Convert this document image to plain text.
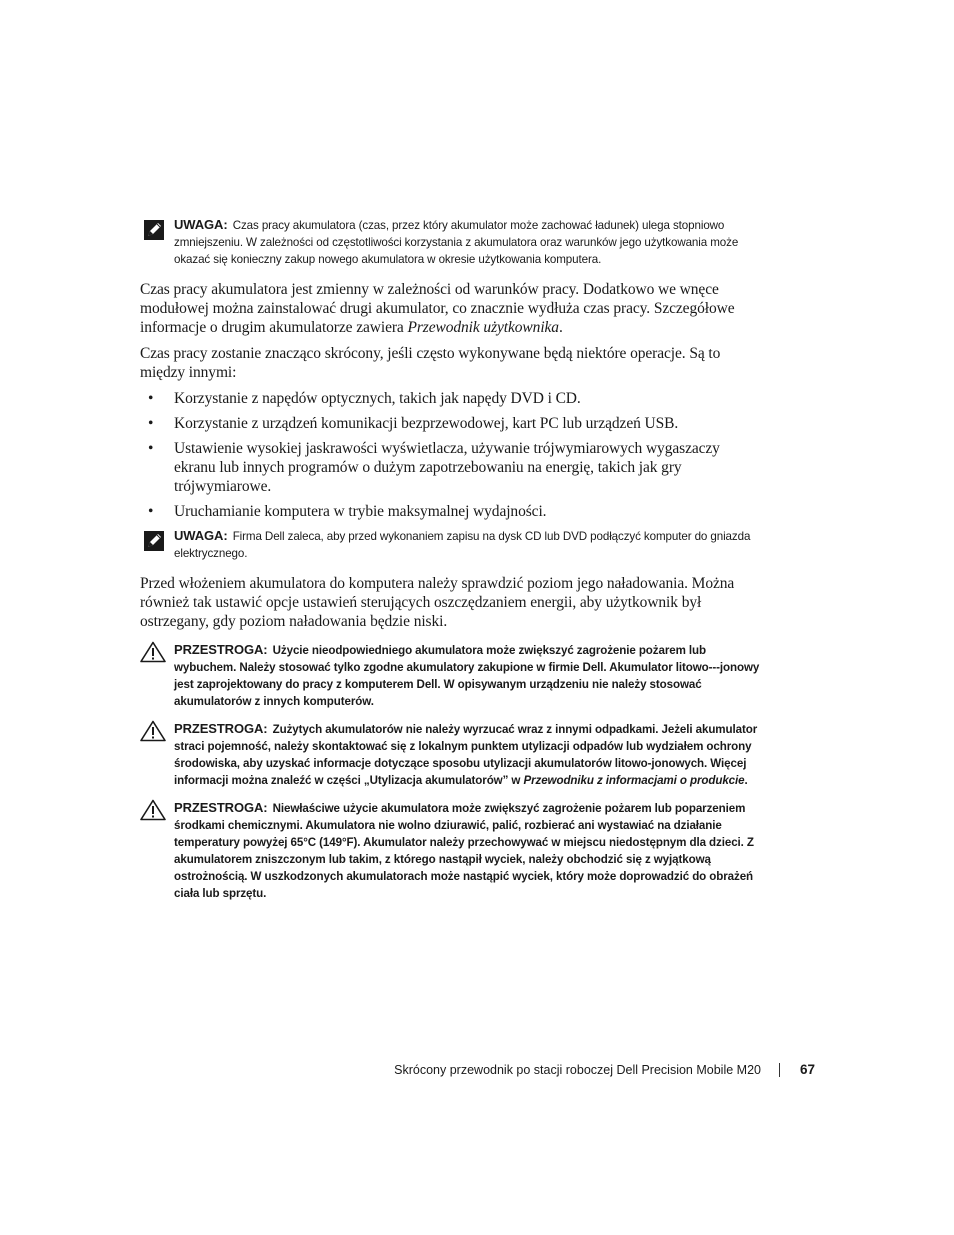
UWAGA: Czas pracy akumulatora (czas, przez który akumulator może zachować ładunek) ulega stopniowo zmniejszeniu. W zależności od częstotliwości korzystania z akumulatora oraz warunków jego użytkowania może okazać się konieczny zakup nowego akumulatora w okresie użytkowania komputera.

Czas pracy akumulatora jest zmienny w zależności od warunków pracy. Dodatkowo we wnęce modułowej można zainstalować drugi akumulator, co znacznie wydłuża czas pracy. Szczegółowe informacje o drugim akumulatorze zawiera Przewodnik użytkownika.

Czas pracy zostanie znacząco skrócony, jeśli często wykonywane będą niektóre operacje. Są to między innymi:

• Korzystanie z napędów optycznych, takich jak napędy DVD i CD.
• Korzystanie z urządzeń komunikacji bezprzewodowej, kart PC lub urządzeń USB.
• Ustawienie wysokiej jaskrawości wyświetlacza, używanie trójwymiarowych wygaszaczy ekranu lub innych programów o dużym zapotrzebowaniu na energię, takich jak gry trójwymiarowe.
• Uruchamianie komputera w trybie maksymalnej wydajności.
UWAGA: Firma Dell zaleca, aby przed wykonaniem zapisu na dysk CD lub DVD podłączyć komputer do gniazda elektrycznego.

Przed włożeniem akumulatora do komputera należy sprawdzić poziom jego naładowania. Można również tak ustawić opcje ustawień sterujących oszczędzaniem energii, aby użytkownik był ostrzegany, gdy poziom naładowania będzie niski.

PRZESTROGA: Użycie nieodpowiedniego akumulatora może zwiększyć zagrożenie pożarem lub wybuchem. Należy stosować tylko zgodne akumulatory zakupione w firmie Dell. Akumulator litowo---jonowy jest zaprojektowany do pracy z komputerem Dell. W opisywanym urządzeniu nie należy stosować akumulatorów z innych komputerów.
PRZESTROGA: Zużytych akumulatorów nie należy wyrzucać wraz z innymi odpadkami. Jeżeli akumulator straci pojemność, należy skontaktować się z lokalnym punktem utylizacji odpadów lub wydziałem ochrony środowiska, aby uzyskać informacje dotyczące sposobu utylizacji akumulatorów litowo-jonowych. Więcej informacji można znaleźć w części „Utylizacja akumulatorów” w Przewodniku z informacjami o produkcie.
PRZESTROGA: Niewłaściwe użycie akumulatora może zwiększyć zagrożenie pożarem lub poparzeniem środkami chemicznymi. Akumulatora nie wolno dziurawić, palić, rozbierać ani wystawiać na działanie temperatury powyżej 65°C (149°F). Akumulator należy przechowywać w miejscu niedostępnym dla dzieci. Z akumulatorem zniszczonym lub takim, z którego nastąpił wyciek, należy obchodzić się z wyjątkową ostrożnością. W uszkodzonych akumulatorach może nastąpić wyciek, który może doprowadzić do obrażeń ciała lub sprzętu.
Skrócony przewodnik po stacji roboczej Dell Precision Mobile M20	67
